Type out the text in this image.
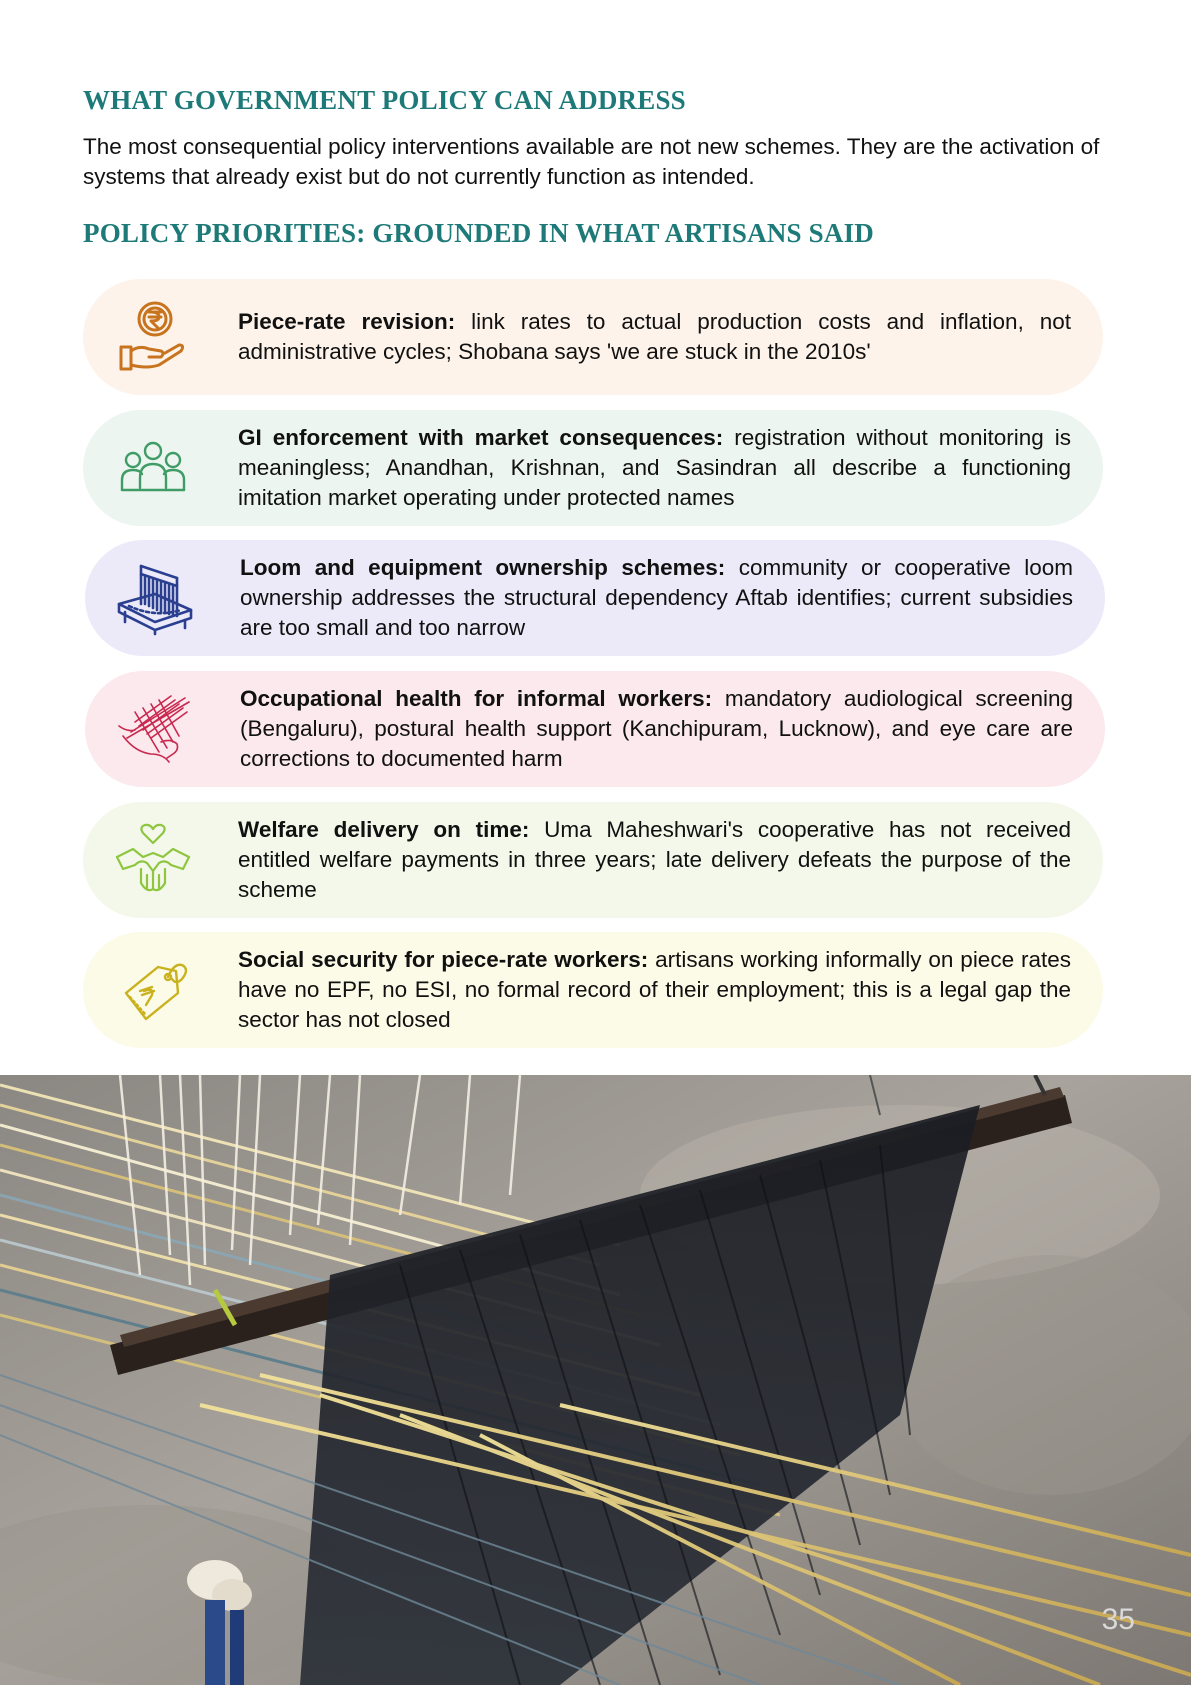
WHAT GOVERNMENT POLICY CAN ADDRESS

The most consequential policy interventions available are not new schemes. They are the activation of systems that already exist but do not currently function as intended.

POLICY PRIORITIES: GROUNDED IN WHAT ARTISANS SAID

Piece-rate revision: link rates to actual production costs and inflation, not administrative cycles; Shobana says 'we are stuck in the 2010s'

GI enforcement with market consequences: registration without monitoring is meaningless; Anandhan, Krishnan, and Sasindran all describe a functioning imitation market operating under protected names

Loom and equipment ownership schemes: community or cooperative loom ownership addresses the structural dependency Aftab identifies; current subsidies are too small and too narrow

Occupational health for informal workers: mandatory audiological screening (Bengaluru), postural health support (Kanchipuram, Lucknow), and eye care are corrections to documented harm

Welfare delivery on time: Uma Maheshwari's cooperative has not received entitled welfare payments in three years; late delivery defeats the purpose of the scheme

Social security for piece-rate workers: artisans working informally on piece rates have no EPF, no ESI, no formal record of their employment; this is a legal gap the sector has not closed

35
